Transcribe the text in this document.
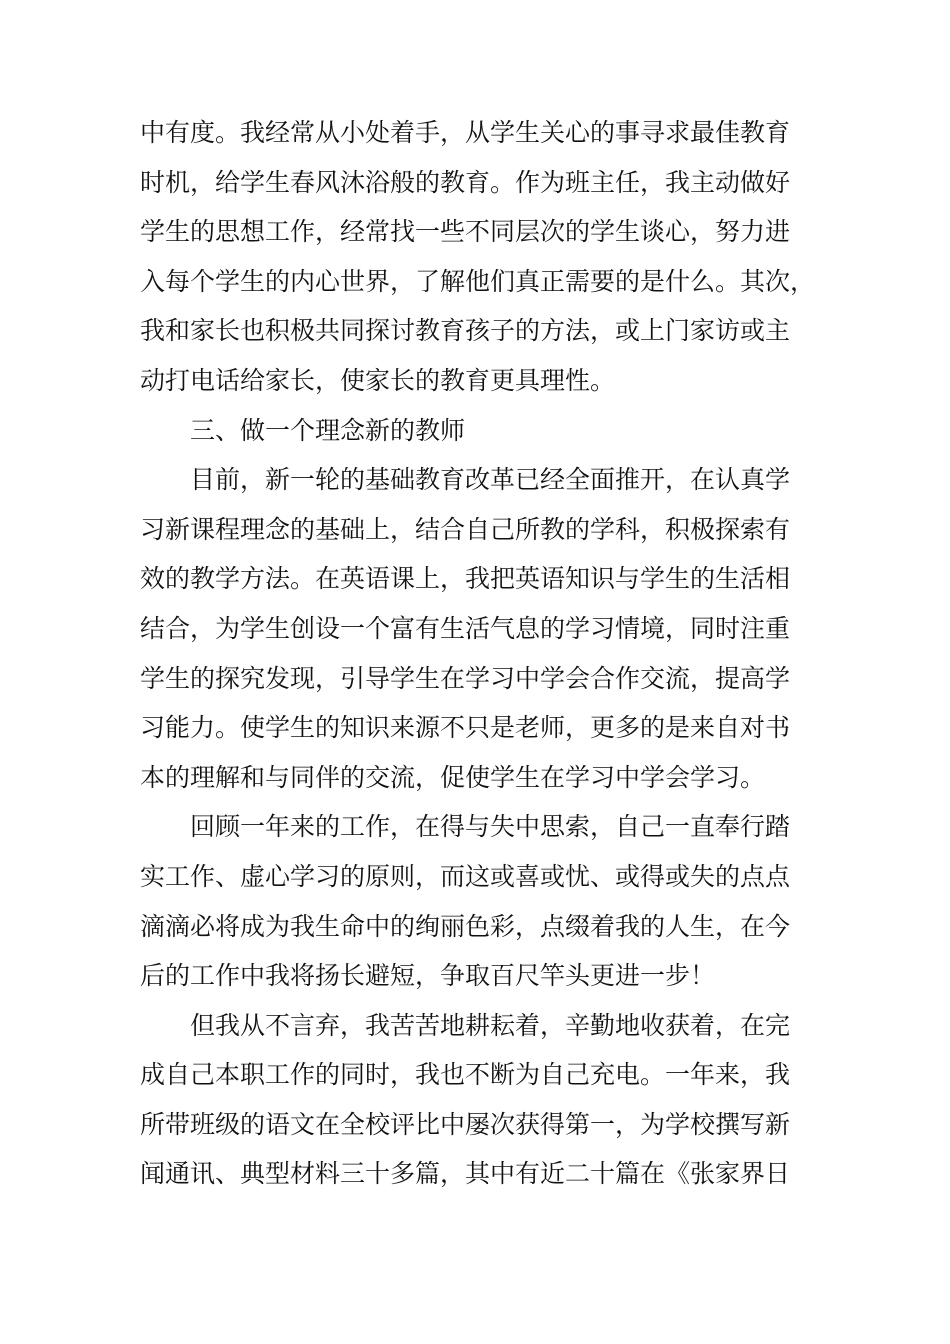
中有度。我经常从小处着手，从学生关心的事寻求最佳教育
时机，给学生春风沐浴般的教育。作为班主任，我主动做好
学生的思想工作，经常找一些不同层次的学生谈心，努力进
入每个学生的内心世界，了解他们真正需要的是什么。其次，
我和家长也积极共同探讨教育孩子的方法，或上门家访或主
动打电话给家长，使家长的教育更具理性。
三、做一个理念新的教师
目前，新一轮的基础教育改革已经全面推开，在认真学
习新课程理念的基础上，结合自己所教的学科，积极探索有
效的教学方法。在英语课上，我把英语知识与学生的生活相
结合，为学生创设一个富有生活气息的学习情境，同时注重
学生的探究发现，引导学生在学习中学会合作交流，提高学
习能力。使学生的知识来源不只是老师，更多的是来自对书
本的理解和与同伴的交流，促使学生在学习中学会学习。
回顾一年来的工作，在得与失中思索，自己一直奉行踏
实工作、虚心学习的原则，而这或喜或忧、或得或失的点点
滴滴必将成为我生命中的绚丽色彩，点缀着我的人生，在今
后的工作中我将扬长避短，争取百尺竿头更进一步！
但我从不言弃，我苦苦地耕耘着，辛勤地收获着，在完
成自己本职工作的同时，我也不断为自己充电。一年来，我
所带班级的语文在全校评比中屡次获得第一，为学校撰写新
闻通讯、典型材料三十多篇，其中有近二十篇在《张家界日
